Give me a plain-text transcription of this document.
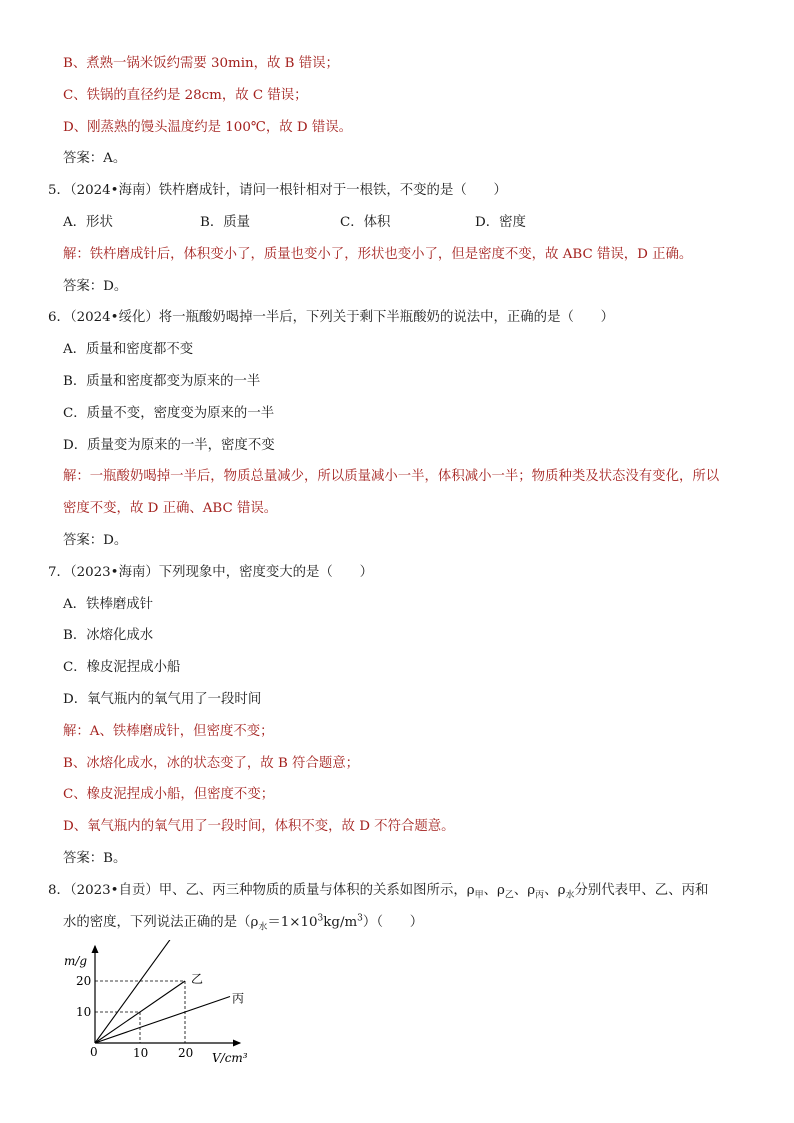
B、煮熟一锅米饭约需要 30min，故 B 错误；
C、铁锅的直径约是 28cm，故 C 错误；
D、刚蒸熟的馒头温度约是 100℃，故 D 错误。
答案：A。
5．（2024•海南）铁杵磨成针，请问一根针相对于一根铁，不变的是（　　）
A．形状	B．质量	C．体积	D．密度
解：铁杵磨成针后，体积变小了，质量也变小了，形状也变小了，但是密度不变，故 ABC 错误，D 正确。
答案：D。
6．（2024•绥化）将一瓶酸奶喝掉一半后，下列关于剩下半瓶酸奶的说法中，正确的是（　　）
A．质量和密度都不变
B．质量和密度都变为原来的一半
C．质量不变，密度变为原来的一半
D．质量变为原来的一半，密度不变
解：一瓶酸奶喝掉一半后，物质总量减少，所以质量减小一半，体积减小一半；物质种类及状态没有变化，所以
密度不变，故 D 正确、ABC 错误。
答案：D。
7．（2023•海南）下列现象中，密度变大的是（　　）
A．铁棒磨成针
B．冰熔化成水
C．橡皮泥捏成小船
D．氧气瓶内的氧气用了一段时间
解：A、铁棒磨成针，但密度不变；
B、冰熔化成水，冰的状态变了，故 B 符合题意；
C、橡皮泥捏成小船，但密度不变；
D、氧气瓶内的氧气用了一段时间，体积不变，故 D 不符合题意。
答案：B。
8．（2023•自贡）甲、乙、丙三种物质的质量与体积的关系如图所示，$\rho_甲$、$\rho_乙$、$\rho_丙$、$\rho_水$分别代表甲、乙、丙和
水的密度，下列说法正确的是$(\rho_水=1\times 10^3kg/m^3)$（　　）
m/g
V/cm³
0	10 20
10
20	乙
丙
